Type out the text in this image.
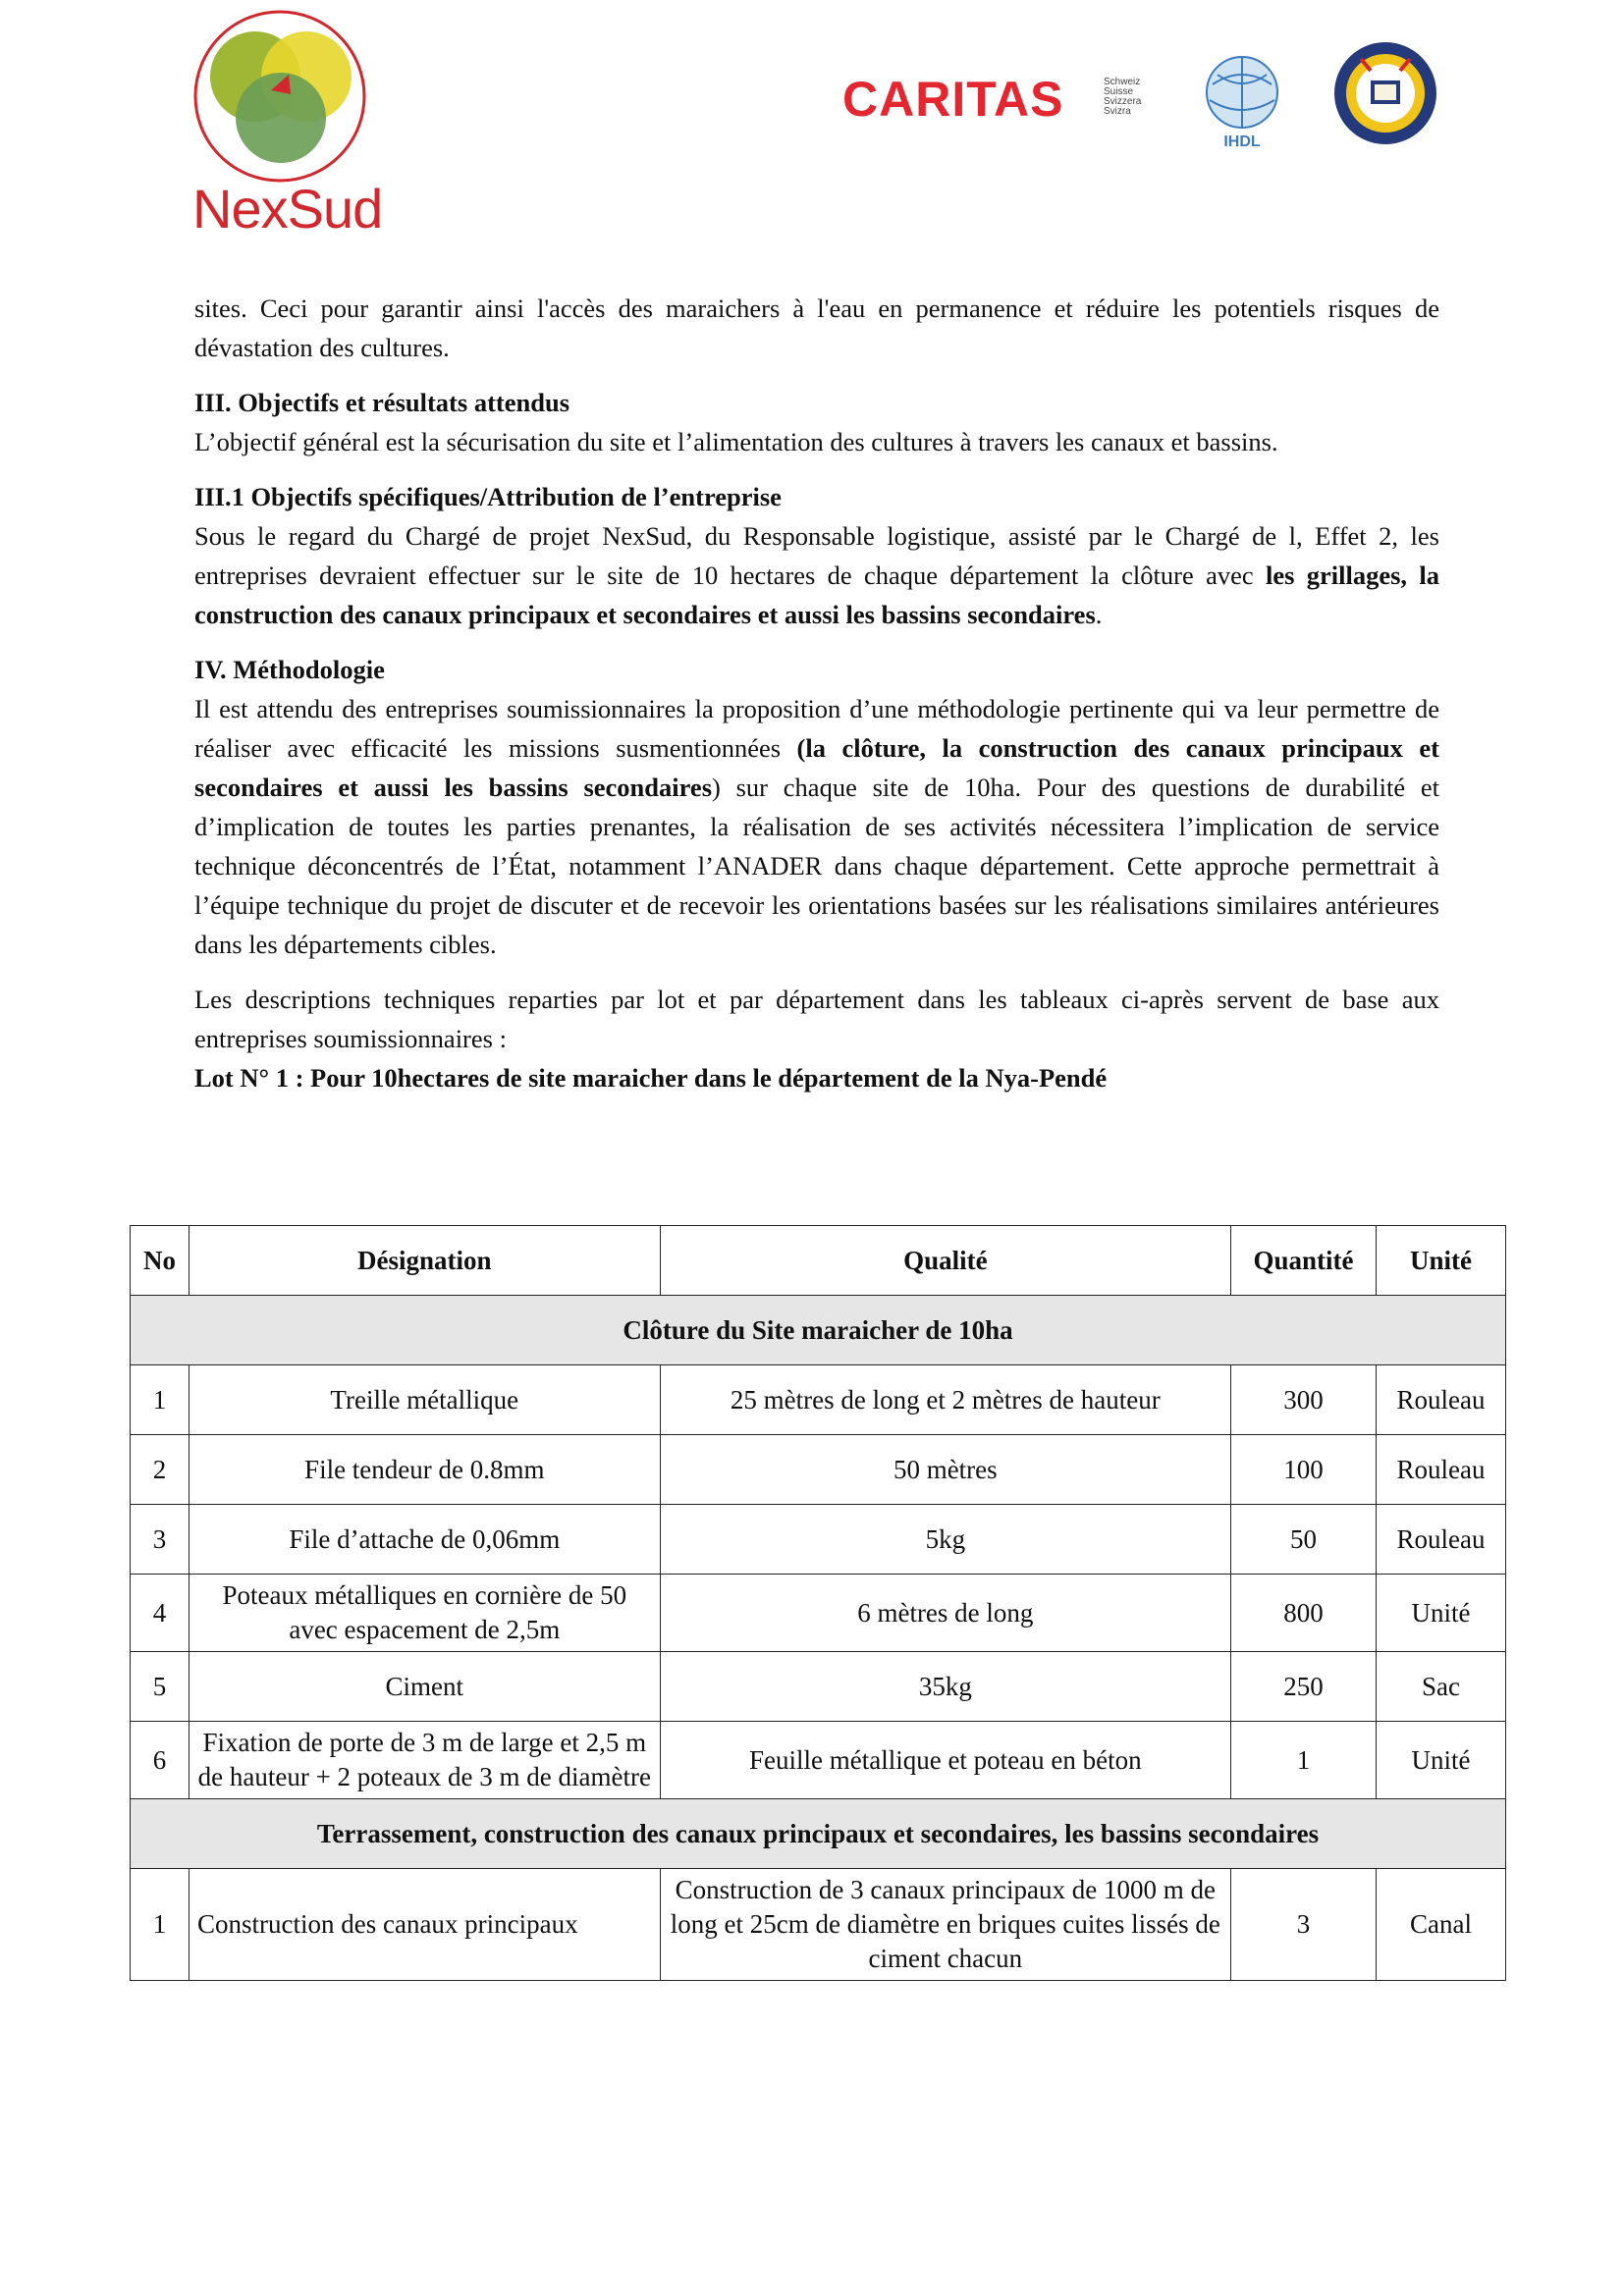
NexSud
CARITAS	Schweiz
Suisse
Svizzera
Svizra
IHDL

sites. Ceci pour garantir ainsi l'accès des maraichers à l'eau en permanence et réduire les potentiels risques de dévastation des cultures.

III. Objectifs et résultats attendus

L’objectif général est la sécurisation du site et l’alimentation des cultures à travers les canaux et bassins.

III.1 Objectifs spécifiques/Attribution de l’entreprise

Sous le regard du Chargé de projet NexSud, du Responsable logistique, assisté par le Chargé de l, Effet 2, les entreprises devraient effectuer sur le site de 10 hectares de chaque département la clôture avec les grillages, la construction des canaux principaux et secondaires et aussi les bassins secondaires.

IV. Méthodologie

Il est attendu des entreprises soumissionnaires la proposition d’une méthodologie pertinente qui va leur permettre de réaliser avec efficacité les missions susmentionnées (la clôture, la construction des canaux principaux et secondaires et aussi les bassins secondaires) sur chaque site de 10ha. Pour des questions de durabilité et d’implication de toutes les parties prenantes, la réalisation de ses activités nécessitera l’implication de service technique déconcentrés de l’État, notamment l’ANADER dans chaque département. Cette approche permettrait à l’équipe technique du projet de discuter et de recevoir les orientations basées sur les réalisations similaires antérieures dans les départements cibles.

Les descriptions techniques reparties par lot et par département dans les tableaux ci-après servent de base aux entreprises soumissionnaires :

Lot N° 1 : Pour 10hectares de site maraicher dans le département de la Nya-Pendé

No	Désignation	Qualité	Quantité	Unité
Clôture du Site maraicher de 10ha				
1	Treille métallique	25 mètres de long et 2 mètres de hauteur	300	Rouleau
2	File tendeur de 0.8mm	50 mètres	100	Rouleau
3	File d’attache de 0,06mm	5kg	50	Rouleau
4	Poteaux métalliques en cornière de 50 avec espacement de 2,5m	6 mètres de long	800	Unité
5	Ciment	35kg	250	Sac
6	Fixation de porte de 3 m de large et 2,5 m de hauteur + 2 poteaux de 3 m de diamètre	Feuille métallique et poteau en béton	1	Unité
Terrassement, construction des canaux principaux et secondaires, les bassins secondaires				
1	Construction des canaux principaux	Construction de 3 canaux principaux de 1000 m de long et 25cm de diamètre en briques cuites lissés de ciment chacun	3	Canal
